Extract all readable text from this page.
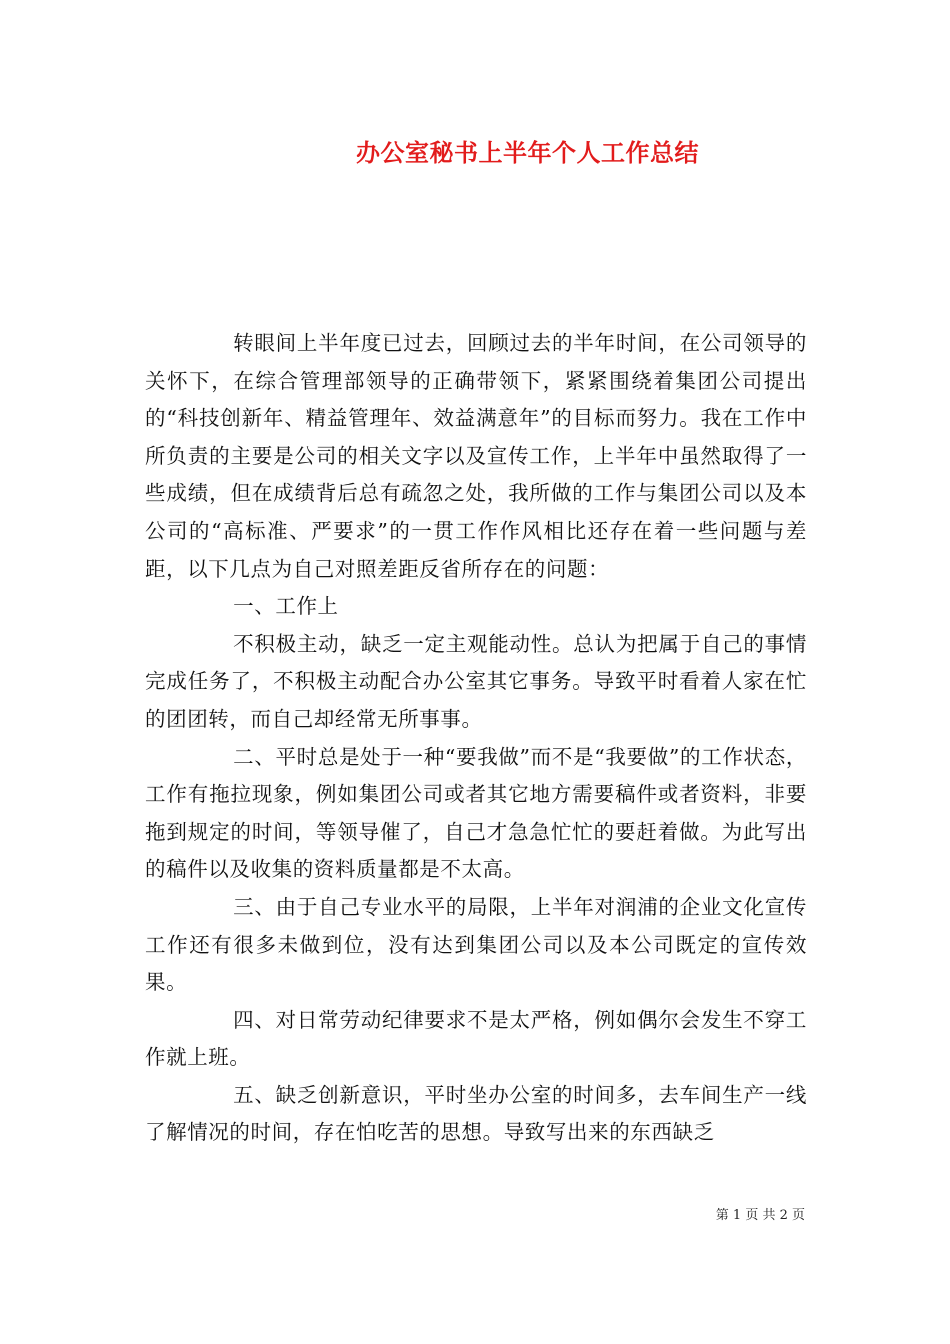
办公室秘书上半年个人工作总结

转眼间上半年度已过去，回顾过去的半年时间，在公司领导的关怀下，在综合管理部领导的正确带领下，紧紧围绕着集团公司提出的“科技创新年、精益管理年、效益满意年”的目标而努力。我在工作中所负责的主要是公司的相关文字以及宣传工作，上半年中虽然取得了一些成绩，但在成绩背后总有疏忽之处，我所做的工作与集团公司以及本公司的“高标准、严要求”的一贯工作作风相比还存在着一些问题与差距，以下几点为自己对照差距反省所存在的问题：

一、工作上

不积极主动，缺乏一定主观能动性。总认为把属于自己的事情完成任务了，不积极主动配合办公室其它事务。导致平时看着人家在忙的团团转，而自己却经常无所事事。

二、平时总是处于一种“要我做”而不是“我要做”的工作状态，工作有拖拉现象，例如集团公司或者其它地方需要稿件或者资料，非要拖到规定的时间，等领导催了，自己才急急忙忙的要赶着做。为此写出的稿件以及收集的资料质量都是不太高。

三、由于自己专业水平的局限，上半年对润浦的企业文化宣传工作还有很多未做到位，没有达到集团公司以及本公司既定的宣传效果。

四、对日常劳动纪律要求不是太严格，例如偶尔会发生不穿工作就上班。

五、缺乏创新意识，平时坐办公室的时间多，去车间生产一线了解情况的时间，存在怕吃苦的思想。导致写出来的东西缺乏

第 1 页 共 2 页
